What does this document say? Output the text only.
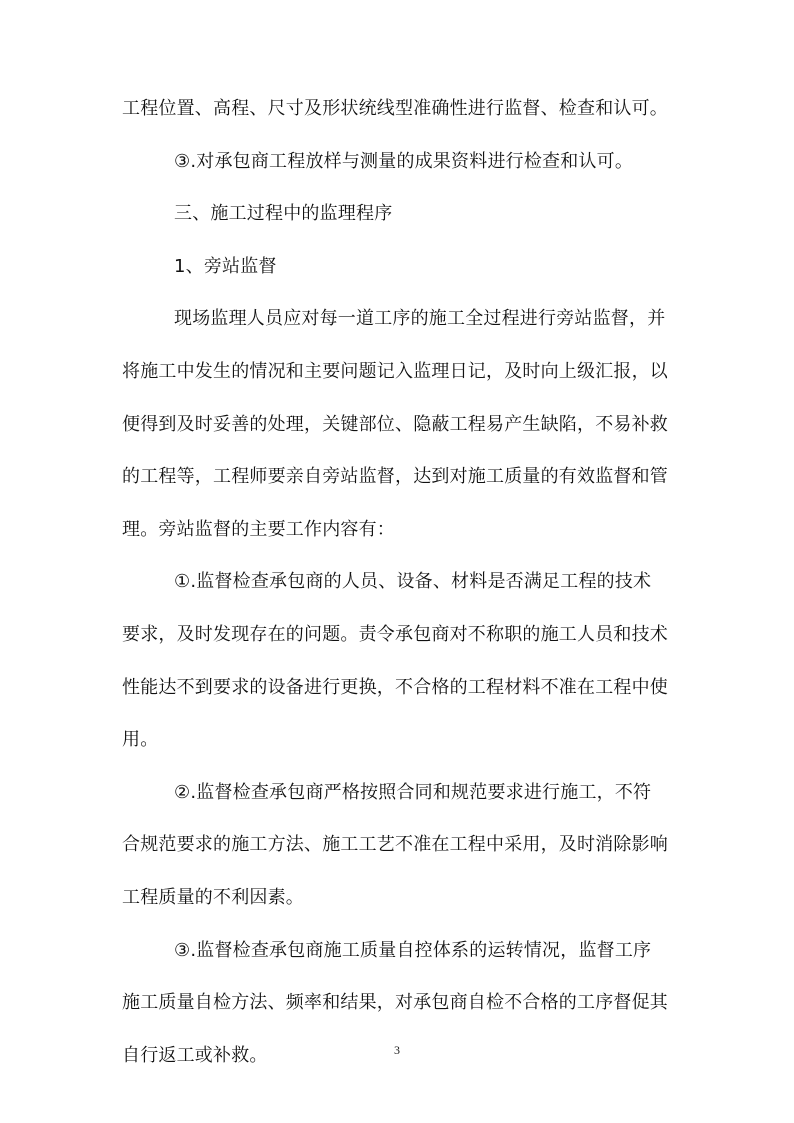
工程位置、高程、尺寸及形状统线型准确性进行监督、检查和认可。
③.对承包商工程放样与测量的成果资料进行检查和认可。
三、施工过程中的监理程序
1、旁站监督
现场监理人员应对每一道工序的施工全过程进行旁站监督，并
将施工中发生的情况和主要问题记入监理日记，及时向上级汇报，以
便得到及时妥善的处理，关键部位、隐蔽工程易产生缺陷，不易补救
的工程等，工程师要亲自旁站监督，达到对施工质量的有效监督和管
理。旁站监督的主要工作内容有：
①.监督检查承包商的人员、设备、材料是否满足工程的技术
要求，及时发现存在的问题。责令承包商对不称职的施工人员和技术
性能达不到要求的设备进行更换，不合格的工程材料不准在工程中使
用。
②.监督检查承包商严格按照合同和规范要求进行施工，不符
合规范要求的施工方法、施工工艺不准在工程中采用，及时消除影响
工程质量的不利因素。
③.监督检查承包商施工质量自控体系的运转情况，监督工序
施工质量自检方法、频率和结果，对承包商自检不合格的工序督促其
自行返工或补救。	3
